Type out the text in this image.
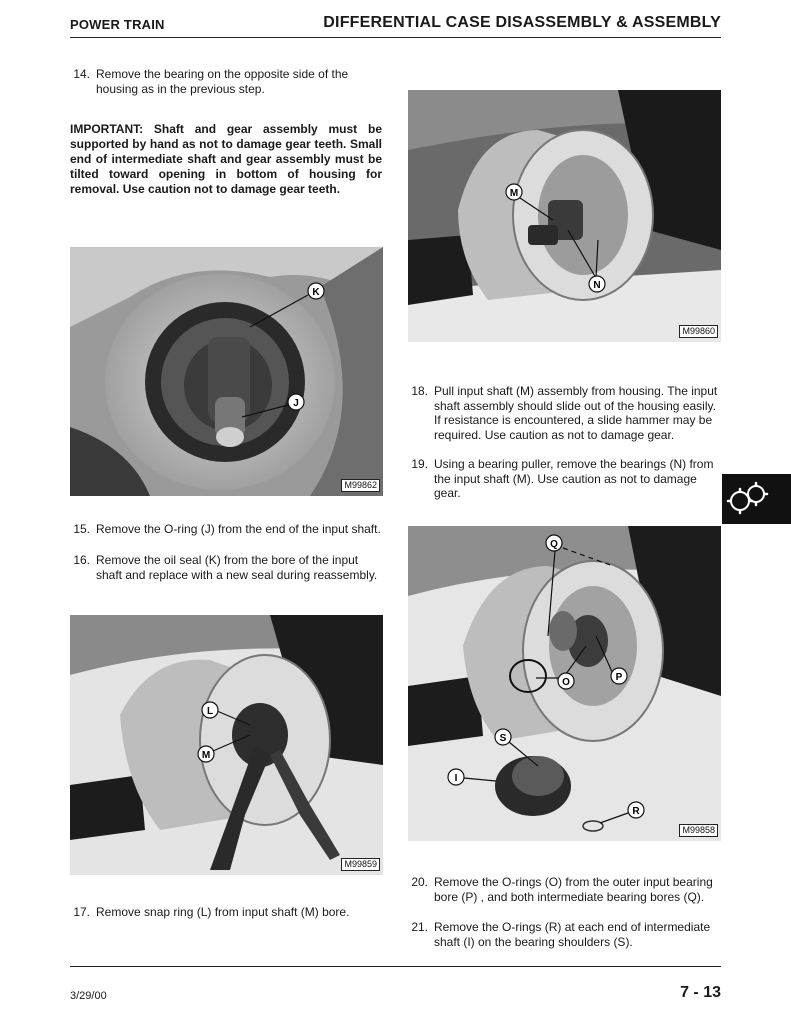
POWER TRAIN	DIFFERENTIAL CASE DISASSEMBLY & ASSEMBLY
14. Remove the bearing on the opposite side of the housing as in the previous step.
IMPORTANT: Shaft and gear assembly must be supported by hand as not to damage gear teeth. Small end of intermediate shaft and gear assembly must be tilted toward opening in bottom of housing for removal. Use caution not to damage gear teeth.
K
J
M99862
M
N
M99860
18. Pull input shaft (M) assembly from housing. The input shaft assembly should slide out of the housing easily. If resistance is encountered, a slide hammer may be required. Use caution as not to damage gear.
19. Using a bearing puller, remove the bearings (N) from the input shaft (M). Use caution as not to damage gear.
15. Remove the O-ring (J) from the end of the input shaft.
16. Remove the oil seal (K) from the bore of the input shaft and replace with a new seal during reassembly.
Q
O	P
S
I
R
M99858
L
M
M99859
20. Remove the O-rings (O) from the outer input bearing bore (P) , and both intermediate bearing bores (Q).
17. Remove snap ring (L) from input shaft (M) bore.
21. Remove the O-rings (R) at each end of intermediate shaft (I) on the bearing shoulders (S).
3/29/00	7 - 13
